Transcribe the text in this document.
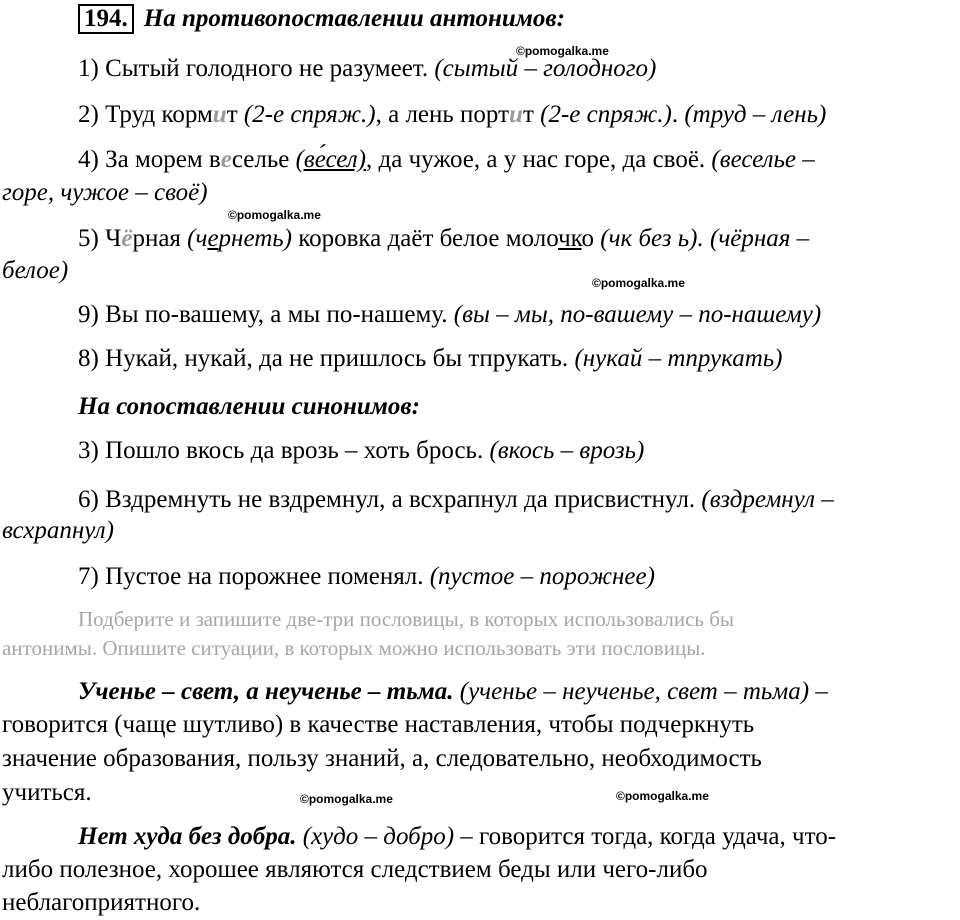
194. На противопоставлении антонимов:
©pomogalka.me
1) Сытый голодного не разумеет. (сытый – голодного)
2) Труд кормит (2-е спряж.), а лень портит (2-е спряж.). (труд – лень)
4) За морем веселье (ве́сел), да чужое, а у нас горе, да своё. (веселье –
горе, чужое – своё)
©pomogalka.me
5) Чёрная (чернеть) коровка даёт белое молочко (чк без ь). (чёрная –
белое)	©pomogalka.me
9) Вы по-вашему, а мы по-нашему. (вы – мы, по-вашему – по-нашему)
8) Нукай, нукай, да не пришлось бы тпрукать. (нукай – тпрукать)
На сопоставлении синонимов:
3) Пошло вкось да врозь – хоть брось. (вкось – врозь)
6) Вздремнуть не вздремнул, а всхрапнул да присвистнул. (вздремнул –
всхрапнул)
7) Пустое на порожнее поменял. (пустое – порожнее)
Подберите и запишите две-три пословицы, в которых использовались бы
антонимы. Опишите ситуации, в которых можно использовать эти пословицы.
Ученье – свет, а неученье – тьма. (ученье – неученье, свет – тьма) –
говорится (чаще шутливо) в качестве наставления, чтобы подчеркнуть
значение образования, пользу знаний, а, следовательно, необходимость
учиться.	©pomogalka.me	©pomogalka.me
Нет худа без добра. (худо – добро) – говорится тогда, когда удача, что-
либо полезное, хорошее являются следствием беды или чего-либо
неблагоприятного.
